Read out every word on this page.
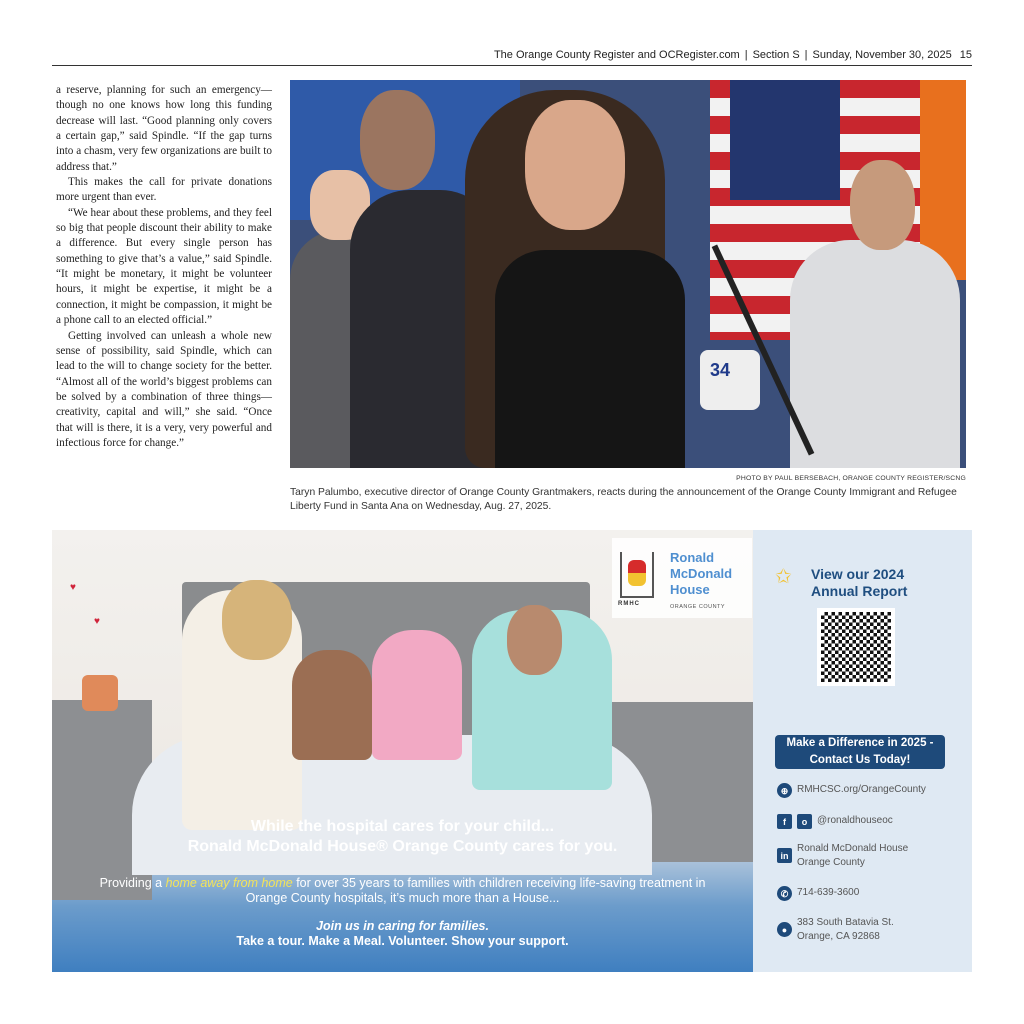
The Orange County Register and OCRegister.com | Section S | Sunday, November 30, 2025 15

a reserve, planning for such an emergency—though no one knows how long this funding decrease will last. “Good planning only covers a certain gap,” said Spindle. “If the gap turns into a chasm, very few organizations are built to address that.”

This makes the call for private donations more urgent than ever.

“We hear about these problems, and they feel so big that people discount their ability to make a difference. But every single person has something to give that’s a value,” said Spindle. “It might be monetary, it might be volunteer hours, it might be expertise, it might be a connection, it might be compassion, it might be a phone call to an elected official.”

Getting involved can unleash a whole new sense of possibility, said Spindle, which can lead to the will to change society for the better. “Almost all of the world’s biggest problems can be solved by a combination of three things—creativity, capital and will,” she said. “Once that will is there, it is a very, very powerful and infectious force for change.”

34
PHOTO BY PAUL BERSEBACH, ORANGE COUNTY REGISTER/SCNG
Taryn Palumbo, executive director of Orange County Grantmakers, reacts during the announcement of the Orange County Immigrant and Refugee Liberty Fund in Santa Ana on Wednesday, Aug. 27, 2025.
♥
♥
RMHC
Ronald
McDonald
House
ORANGE COUNTY
While the hospital cares for your child...
Ronald McDonald House® Orange County cares for you.
Providing a home away from home for over 35 years to families with children receiving life-saving treatment in Orange County hospitals, it’s much more than a House...
Join us in caring for families.
Take a tour. Make a Meal. Volunteer. Show your support.
✩ View our 2024
Annual Report
Make a Difference in 2025 -
Contact Us Today!
⊕ RMHCSC.org/OrangeCounty
f	o @ronaldhouseoc
in
Ronald McDonald House
Orange County
✆ 714-639-3600
●
383 South Batavia St.
Orange, CA 92868
